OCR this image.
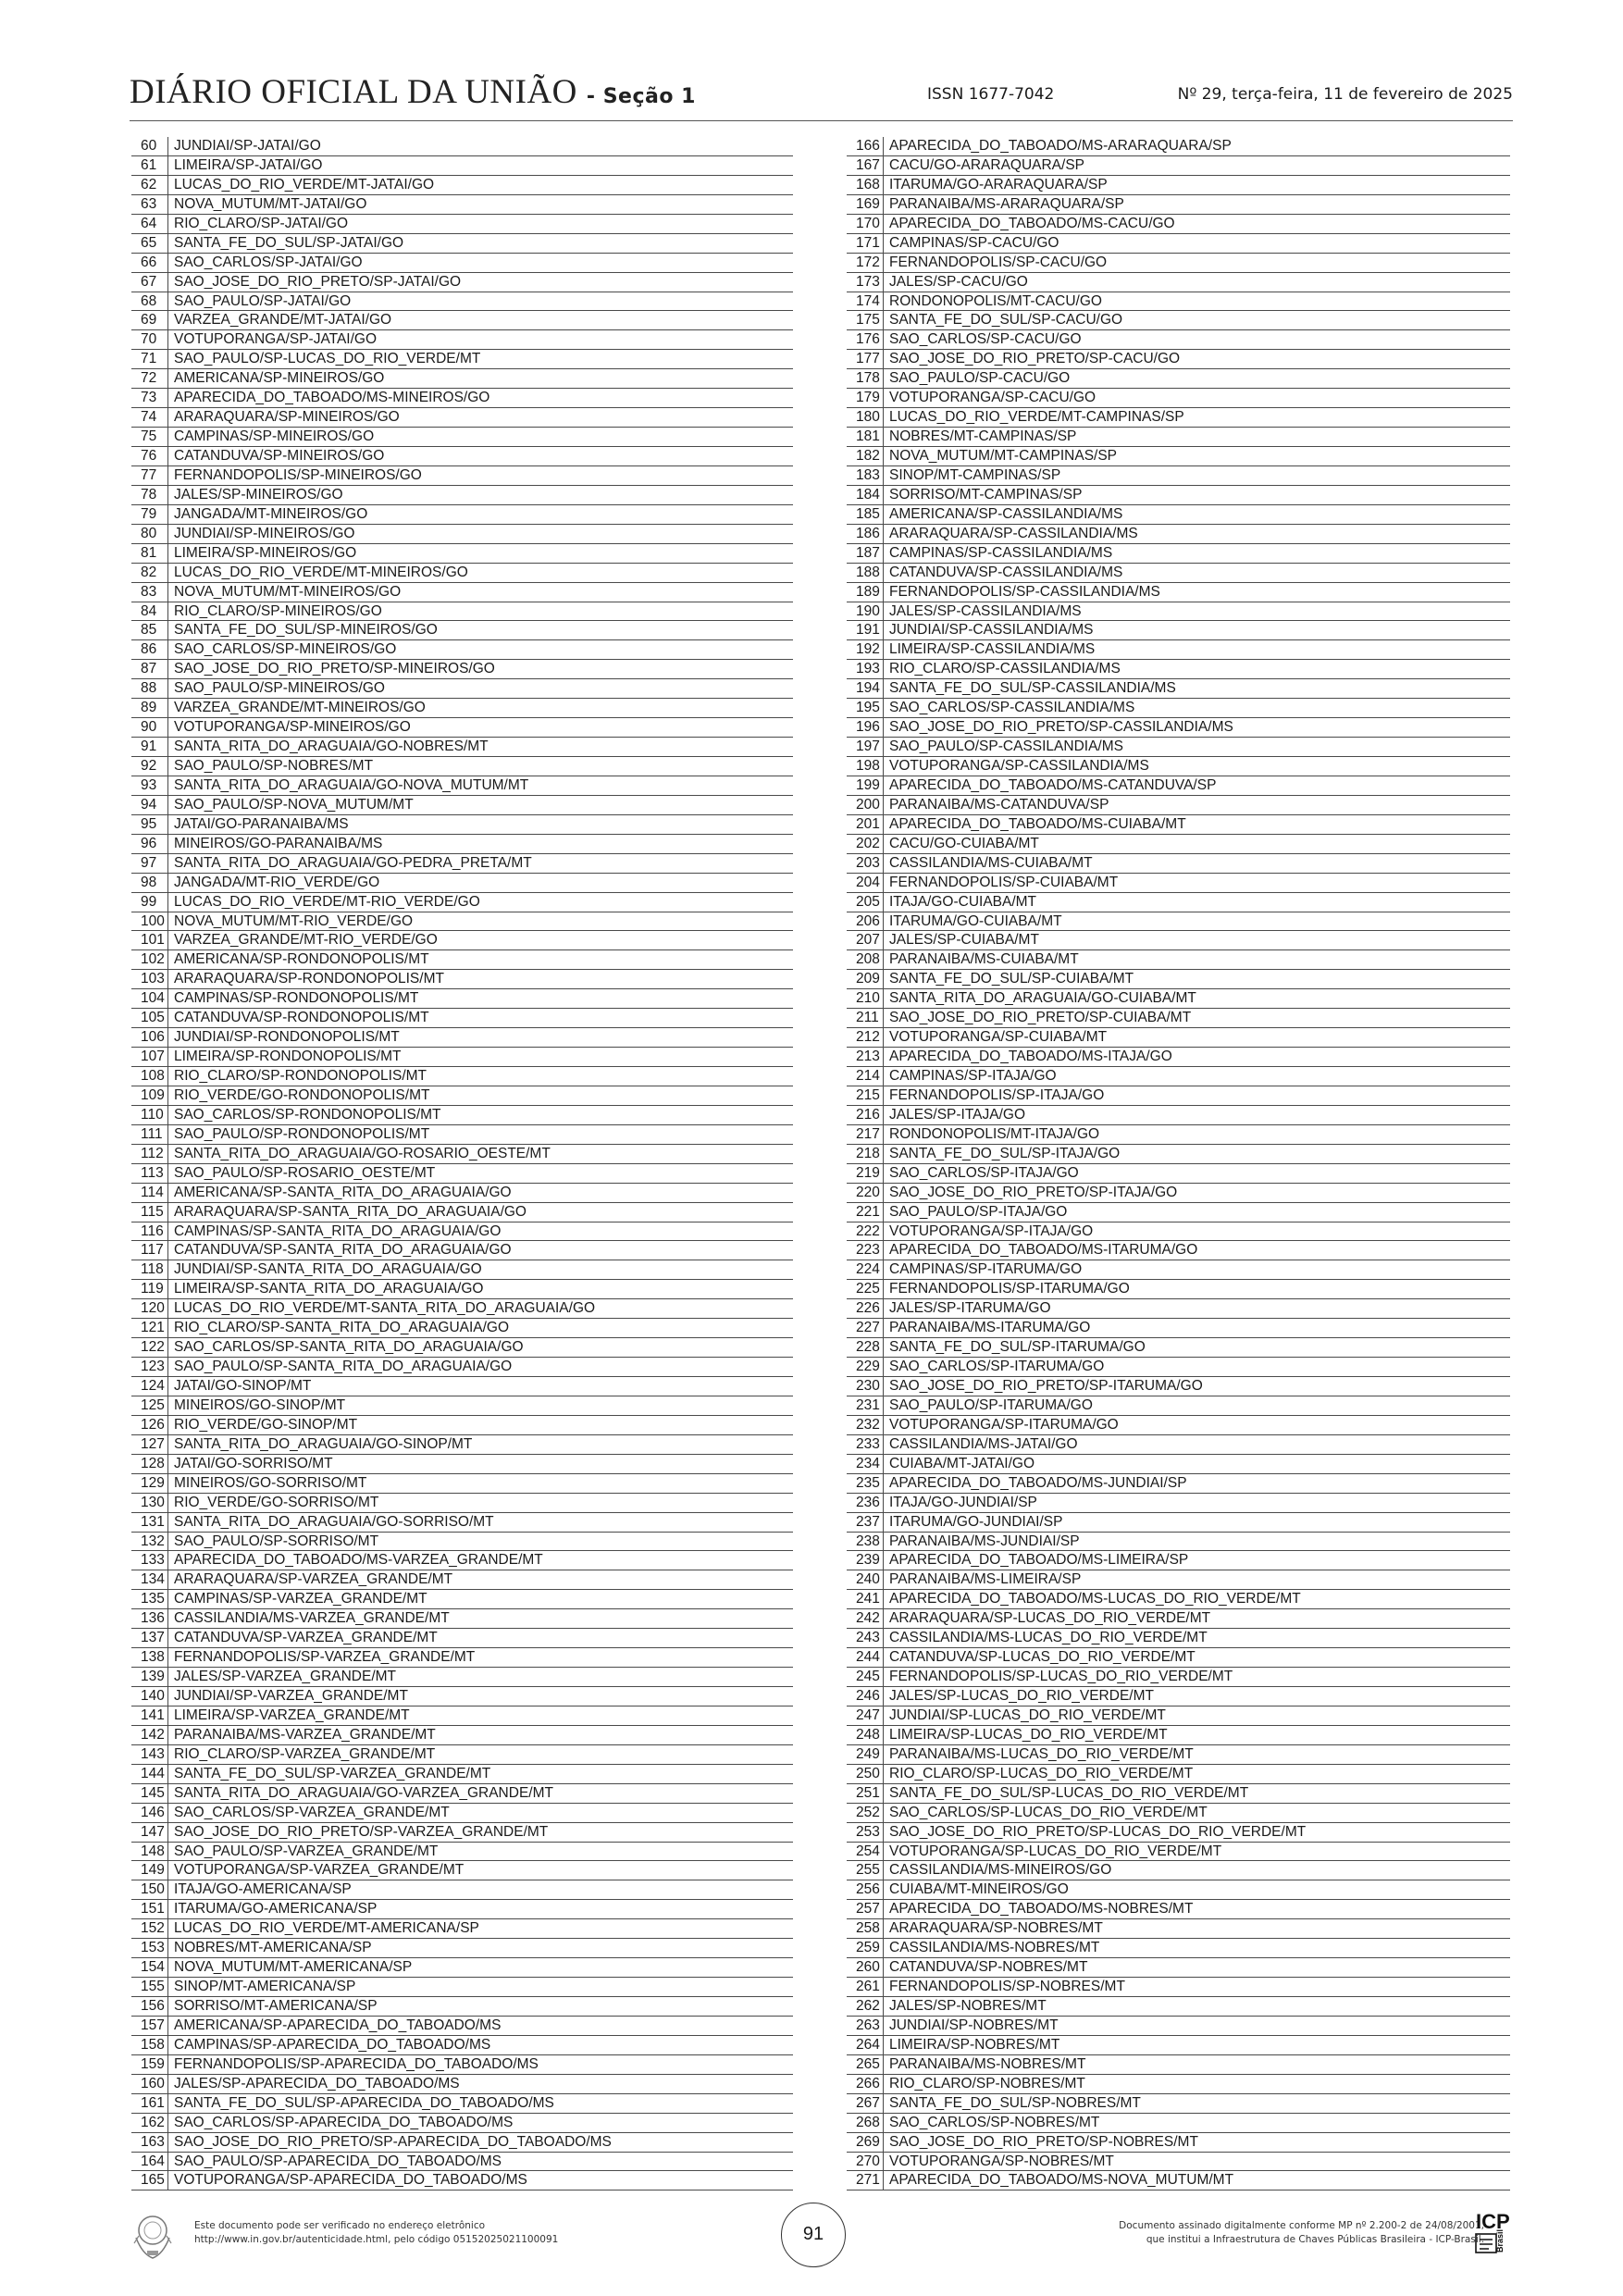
DIÁRIO OFICIAL DA UNIÃO - Seção 1	ISSN 1677-7042	Nº 29, terça-feira, 11 de fevereiro de 2025
60	JUNDIAI/SP-JATAI/GO
61	LIMEIRA/SP-JATAI/GO
62	LUCAS_DO_RIO_VERDE/MT-JATAI/GO
63	NOVA_MUTUM/MT-JATAI/GO
64	RIO_CLARO/SP-JATAI/GO
65	SANTA_FE_DO_SUL/SP-JATAI/GO
66	SAO_CARLOS/SP-JATAI/GO
67	SAO_JOSE_DO_RIO_PRETO/SP-JATAI/GO
68	SAO_PAULO/SP-JATAI/GO
69	VARZEA_GRANDE/MT-JATAI/GO
70	VOTUPORANGA/SP-JATAI/GO
71	SAO_PAULO/SP-LUCAS_DO_RIO_VERDE/MT
72	AMERICANA/SP-MINEIROS/GO
73	APARECIDA_DO_TABOADO/MS-MINEIROS/GO
74	ARARAQUARA/SP-MINEIROS/GO
75	CAMPINAS/SP-MINEIROS/GO
76	CATANDUVA/SP-MINEIROS/GO
77	FERNANDOPOLIS/SP-MINEIROS/GO
78	JALES/SP-MINEIROS/GO
79	JANGADA/MT-MINEIROS/GO
80	JUNDIAI/SP-MINEIROS/GO
81	LIMEIRA/SP-MINEIROS/GO
82	LUCAS_DO_RIO_VERDE/MT-MINEIROS/GO
83	NOVA_MUTUM/MT-MINEIROS/GO
84	RIO_CLARO/SP-MINEIROS/GO
85	SANTA_FE_DO_SUL/SP-MINEIROS/GO
86	SAO_CARLOS/SP-MINEIROS/GO
87	SAO_JOSE_DO_RIO_PRETO/SP-MINEIROS/GO
88	SAO_PAULO/SP-MINEIROS/GO
89	VARZEA_GRANDE/MT-MINEIROS/GO
90	VOTUPORANGA/SP-MINEIROS/GO
91	SANTA_RITA_DO_ARAGUAIA/GO-NOBRES/MT
92	SAO_PAULO/SP-NOBRES/MT
93	SANTA_RITA_DO_ARAGUAIA/GO-NOVA_MUTUM/MT
94	SAO_PAULO/SP-NOVA_MUTUM/MT
95	JATAI/GO-PARANAIBA/MS
96	MINEIROS/GO-PARANAIBA/MS
97	SANTA_RITA_DO_ARAGUAIA/GO-PEDRA_PRETA/MT
98	JANGADA/MT-RIO_VERDE/GO
99	LUCAS_DO_RIO_VERDE/MT-RIO_VERDE/GO
100 NOVA_MUTUM/MT-RIO_VERDE/GO
101 VARZEA_GRANDE/MT-RIO_VERDE/GO
102 AMERICANA/SP-RONDONOPOLIS/MT
103 ARARAQUARA/SP-RONDONOPOLIS/MT
104 CAMPINAS/SP-RONDONOPOLIS/MT
105 CATANDUVA/SP-RONDONOPOLIS/MT
106 JUNDIAI/SP-RONDONOPOLIS/MT
107 LIMEIRA/SP-RONDONOPOLIS/MT
108 RIO_CLARO/SP-RONDONOPOLIS/MT
109 RIO_VERDE/GO-RONDONOPOLIS/MT
110 SAO_CARLOS/SP-RONDONOPOLIS/MT
111 SAO_PAULO/SP-RONDONOPOLIS/MT
112 SANTA_RITA_DO_ARAGUAIA/GO-ROSARIO_OESTE/MT
113 SAO_PAULO/SP-ROSARIO_OESTE/MT
114 AMERICANA/SP-SANTA_RITA_DO_ARAGUAIA/GO
115 ARARAQUARA/SP-SANTA_RITA_DO_ARAGUAIA/GO
116 CAMPINAS/SP-SANTA_RITA_DO_ARAGUAIA/GO
117 CATANDUVA/SP-SANTA_RITA_DO_ARAGUAIA/GO
118 JUNDIAI/SP-SANTA_RITA_DO_ARAGUAIA/GO
119 LIMEIRA/SP-SANTA_RITA_DO_ARAGUAIA/GO
120 LUCAS_DO_RIO_VERDE/MT-SANTA_RITA_DO_ARAGUAIA/GO
121 RIO_CLARO/SP-SANTA_RITA_DO_ARAGUAIA/GO
122 SAO_CARLOS/SP-SANTA_RITA_DO_ARAGUAIA/GO
123 SAO_PAULO/SP-SANTA_RITA_DO_ARAGUAIA/GO
124 JATAI/GO-SINOP/MT
125 MINEIROS/GO-SINOP/MT
126 RIO_VERDE/GO-SINOP/MT
127 SANTA_RITA_DO_ARAGUAIA/GO-SINOP/MT
128 JATAI/GO-SORRISO/MT
129 MINEIROS/GO-SORRISO/MT
130 RIO_VERDE/GO-SORRISO/MT
131 SANTA_RITA_DO_ARAGUAIA/GO-SORRISO/MT
132 SAO_PAULO/SP-SORRISO/MT
133 APARECIDA_DO_TABOADO/MS-VARZEA_GRANDE/MT
134 ARARAQUARA/SP-VARZEA_GRANDE/MT
135 CAMPINAS/SP-VARZEA_GRANDE/MT
136 CASSILANDIA/MS-VARZEA_GRANDE/MT
137 CATANDUVA/SP-VARZEA_GRANDE/MT
138 FERNANDOPOLIS/SP-VARZEA_GRANDE/MT
139 JALES/SP-VARZEA_GRANDE/MT
140 JUNDIAI/SP-VARZEA_GRANDE/MT
141 LIMEIRA/SP-VARZEA_GRANDE/MT
142 PARANAIBA/MS-VARZEA_GRANDE/MT
143 RIO_CLARO/SP-VARZEA_GRANDE/MT
144 SANTA_FE_DO_SUL/SP-VARZEA_GRANDE/MT
145 SANTA_RITA_DO_ARAGUAIA/GO-VARZEA_GRANDE/MT
146 SAO_CARLOS/SP-VARZEA_GRANDE/MT
147 SAO_JOSE_DO_RIO_PRETO/SP-VARZEA_GRANDE/MT
148 SAO_PAULO/SP-VARZEA_GRANDE/MT
149 VOTUPORANGA/SP-VARZEA_GRANDE/MT
150 ITAJA/GO-AMERICANA/SP
151 ITARUMA/GO-AMERICANA/SP
152 LUCAS_DO_RIO_VERDE/MT-AMERICANA/SP
153 NOBRES/MT-AMERICANA/SP
154 NOVA_MUTUM/MT-AMERICANA/SP
155 SINOP/MT-AMERICANA/SP
156 SORRISO/MT-AMERICANA/SP
157 AMERICANA/SP-APARECIDA_DO_TABOADO/MS
158 CAMPINAS/SP-APARECIDA_DO_TABOADO/MS
159 FERNANDOPOLIS/SP-APARECIDA_DO_TABOADO/MS
160 JALES/SP-APARECIDA_DO_TABOADO/MS
161 SANTA_FE_DO_SUL/SP-APARECIDA_DO_TABOADO/MS
162 SAO_CARLOS/SP-APARECIDA_DO_TABOADO/MS
163 SAO_JOSE_DO_RIO_PRETO/SP-APARECIDA_DO_TABOADO/MS
164 SAO_PAULO/SP-APARECIDA_DO_TABOADO/MS
165 VOTUPORANGA/SP-APARECIDA_DO_TABOADO/MS
166 APARECIDA_DO_TABOADO/MS-ARARAQUARA/SP
167 CACU/GO-ARARAQUARA/SP
168 ITARUMA/GO-ARARAQUARA/SP
169 PARANAIBA/MS-ARARAQUARA/SP
170 APARECIDA_DO_TABOADO/MS-CACU/GO
171 CAMPINAS/SP-CACU/GO
172 FERNANDOPOLIS/SP-CACU/GO
173 JALES/SP-CACU/GO
174 RONDONOPOLIS/MT-CACU/GO
175 SANTA_FE_DO_SUL/SP-CACU/GO
176 SAO_CARLOS/SP-CACU/GO
177 SAO_JOSE_DO_RIO_PRETO/SP-CACU/GO
178 SAO_PAULO/SP-CACU/GO
179 VOTUPORANGA/SP-CACU/GO
180 LUCAS_DO_RIO_VERDE/MT-CAMPINAS/SP
181 NOBRES/MT-CAMPINAS/SP
182 NOVA_MUTUM/MT-CAMPINAS/SP
183 SINOP/MT-CAMPINAS/SP
184 SORRISO/MT-CAMPINAS/SP
185 AMERICANA/SP-CASSILANDIA/MS
186 ARARAQUARA/SP-CASSILANDIA/MS
187 CAMPINAS/SP-CASSILANDIA/MS
188 CATANDUVA/SP-CASSILANDIA/MS
189 FERNANDOPOLIS/SP-CASSILANDIA/MS
190 JALES/SP-CASSILANDIA/MS
191 JUNDIAI/SP-CASSILANDIA/MS
192 LIMEIRA/SP-CASSILANDIA/MS
193 RIO_CLARO/SP-CASSILANDIA/MS
194 SANTA_FE_DO_SUL/SP-CASSILANDIA/MS
195 SAO_CARLOS/SP-CASSILANDIA/MS
196 SAO_JOSE_DO_RIO_PRETO/SP-CASSILANDIA/MS
197 SAO_PAULO/SP-CASSILANDIA/MS
198 VOTUPORANGA/SP-CASSILANDIA/MS
199 APARECIDA_DO_TABOADO/MS-CATANDUVA/SP
200 PARANAIBA/MS-CATANDUVA/SP
201 APARECIDA_DO_TABOADO/MS-CUIABA/MT
202 CACU/GO-CUIABA/MT
203 CASSILANDIA/MS-CUIABA/MT
204 FERNANDOPOLIS/SP-CUIABA/MT
205 ITAJA/GO-CUIABA/MT
206 ITARUMA/GO-CUIABA/MT
207 JALES/SP-CUIABA/MT
208 PARANAIBA/MS-CUIABA/MT
209 SANTA_FE_DO_SUL/SP-CUIABA/MT
210 SANTA_RITA_DO_ARAGUAIA/GO-CUIABA/MT
211 SAO_JOSE_DO_RIO_PRETO/SP-CUIABA/MT
212 VOTUPORANGA/SP-CUIABA/MT
213 APARECIDA_DO_TABOADO/MS-ITAJA/GO
214 CAMPINAS/SP-ITAJA/GO
215 FERNANDOPOLIS/SP-ITAJA/GO
216 JALES/SP-ITAJA/GO
217 RONDONOPOLIS/MT-ITAJA/GO
218 SANTA_FE_DO_SUL/SP-ITAJA/GO
219 SAO_CARLOS/SP-ITAJA/GO
220 SAO_JOSE_DO_RIO_PRETO/SP-ITAJA/GO
221 SAO_PAULO/SP-ITAJA/GO
222 VOTUPORANGA/SP-ITAJA/GO
223 APARECIDA_DO_TABOADO/MS-ITARUMA/GO
224 CAMPINAS/SP-ITARUMA/GO
225 FERNANDOPOLIS/SP-ITARUMA/GO
226 JALES/SP-ITARUMA/GO
227 PARANAIBA/MS-ITARUMA/GO
228 SANTA_FE_DO_SUL/SP-ITARUMA/GO
229 SAO_CARLOS/SP-ITARUMA/GO
230 SAO_JOSE_DO_RIO_PRETO/SP-ITARUMA/GO
231 SAO_PAULO/SP-ITARUMA/GO
232 VOTUPORANGA/SP-ITARUMA/GO
233 CASSILANDIA/MS-JATAI/GO
234 CUIABA/MT-JATAI/GO
235 APARECIDA_DO_TABOADO/MS-JUNDIAI/SP
236 ITAJA/GO-JUNDIAI/SP
237 ITARUMA/GO-JUNDIAI/SP
238 PARANAIBA/MS-JUNDIAI/SP
239 APARECIDA_DO_TABOADO/MS-LIMEIRA/SP
240 PARANAIBA/MS-LIMEIRA/SP
241 APARECIDA_DO_TABOADO/MS-LUCAS_DO_RIO_VERDE/MT
242 ARARAQUARA/SP-LUCAS_DO_RIO_VERDE/MT
243 CASSILANDIA/MS-LUCAS_DO_RIO_VERDE/MT
244 CATANDUVA/SP-LUCAS_DO_RIO_VERDE/MT
245 FERNANDOPOLIS/SP-LUCAS_DO_RIO_VERDE/MT
246 JALES/SP-LUCAS_DO_RIO_VERDE/MT
247 JUNDIAI/SP-LUCAS_DO_RIO_VERDE/MT
248 LIMEIRA/SP-LUCAS_DO_RIO_VERDE/MT
249 PARANAIBA/MS-LUCAS_DO_RIO_VERDE/MT
250 RIO_CLARO/SP-LUCAS_DO_RIO_VERDE/MT
251 SANTA_FE_DO_SUL/SP-LUCAS_DO_RIO_VERDE/MT
252 SAO_CARLOS/SP-LUCAS_DO_RIO_VERDE/MT
253 SAO_JOSE_DO_RIO_PRETO/SP-LUCAS_DO_RIO_VERDE/MT
254 VOTUPORANGA/SP-LUCAS_DO_RIO_VERDE/MT
255 CASSILANDIA/MS-MINEIROS/GO
256 CUIABA/MT-MINEIROS/GO
257 APARECIDA_DO_TABOADO/MS-NOBRES/MT
258 ARARAQUARA/SP-NOBRES/MT
259 CASSILANDIA/MS-NOBRES/MT
260 CATANDUVA/SP-NOBRES/MT
261 FERNANDOPOLIS/SP-NOBRES/MT
262 JALES/SP-NOBRES/MT
263 JUNDIAI/SP-NOBRES/MT
264 LIMEIRA/SP-NOBRES/MT
265 PARANAIBA/MS-NOBRES/MT
266 RIO_CLARO/SP-NOBRES/MT
267 SANTA_FE_DO_SUL/SP-NOBRES/MT
268 SAO_CARLOS/SP-NOBRES/MT
269 SAO_JOSE_DO_RIO_PRETO/SP-NOBRES/MT
270 VOTUPORANGA/SP-NOBRES/MT
271 APARECIDA_DO_TABOADO/MS-NOVA_MUTUM/MT
Este documento pode ser verificado no endereço eletrônico
http://www.in.gov.br/autenticidade.html, pelo código 05152025021100091	91	Documento assinado digitalmente conforme MP nº 2.200-2 de 24/08/2001,
que institui a Infraestrutura de Chaves Públicas Brasileira - ICP-Brasil.
ICP
Brasil
